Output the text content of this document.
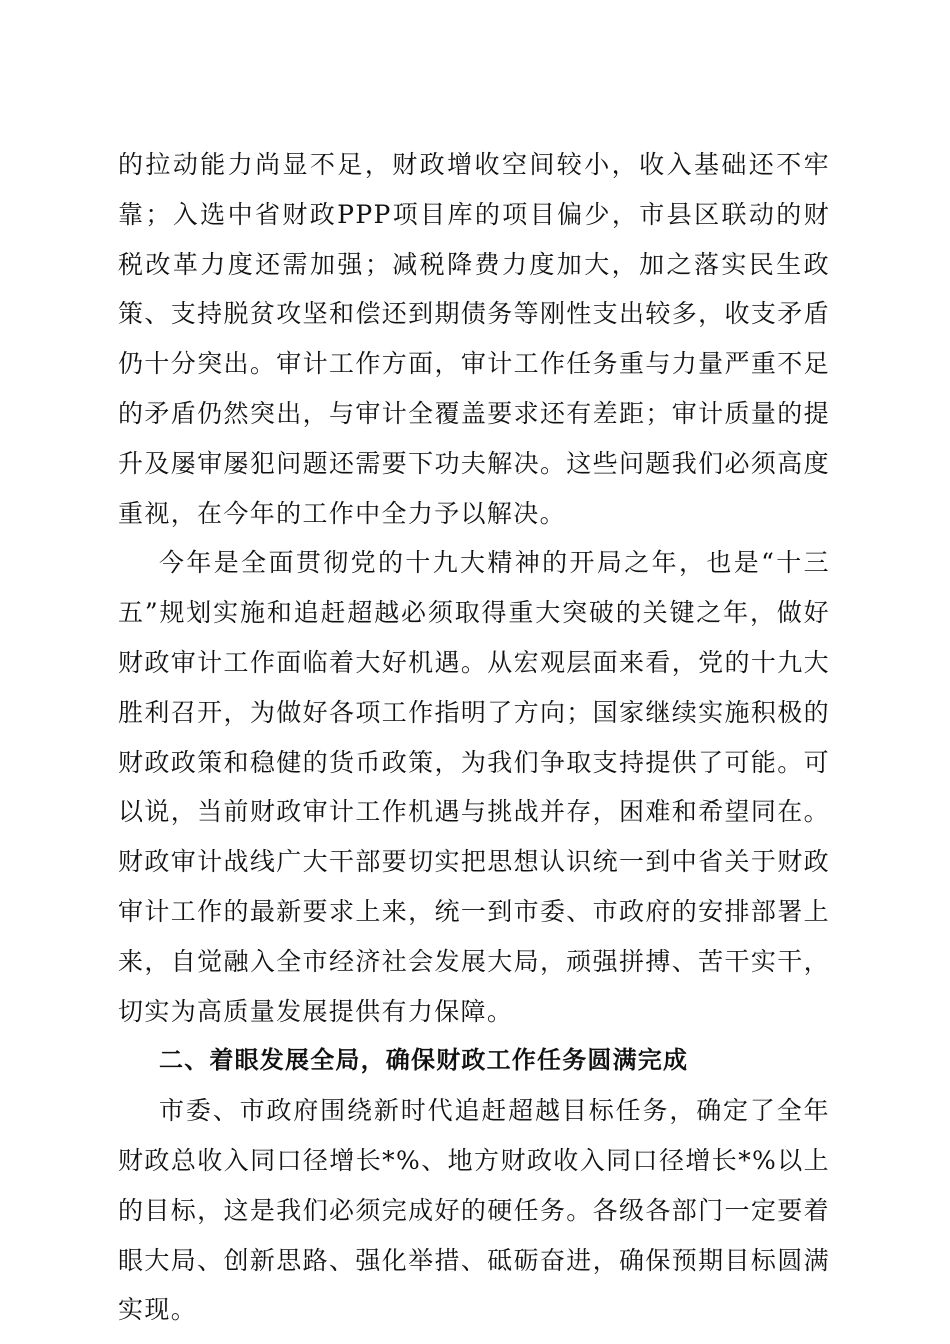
的拉动能力尚显不足，财政增收空间较小，收入基础还不牢靠；入选中省财政PPP项目库的项目偏少，市县区联动的财税改革力度还需加强；减税降费力度加大，加之落实民生政策、支持脱贫攻坚和偿还到期债务等刚性支出较多，收支矛盾仍十分突出。审计工作方面，审计工作任务重与力量严重不足的矛盾仍然突出，与审计全覆盖要求还有差距；审计质量的提升及屡审屡犯问题还需要下功夫解决。这些问题我们必须高度重视，在今年的工作中全力予以解决。

今年是全面贯彻党的十九大精神的开局之年，也是“十三五”规划实施和追赶超越必须取得重大突破的关键之年，做好财政审计工作面临着大好机遇。从宏观层面来看，党的十九大胜利召开，为做好各项工作指明了方向；国家继续实施积极的财政政策和稳健的货币政策，为我们争取支持提供了可能。可以说，当前财政审计工作机遇与挑战并存，困难和希望同在。财政审计战线广大干部要切实把思想认识统一到中省关于财政审计工作的最新要求上来，统一到市委、市政府的安排部署上来，自觉融入全市经济社会发展大局，顽强拼搏、苦干实干，切实为高质量发展提供有力保障。

二、着眼发展全局，确保财政工作任务圆满完成

市委、市政府围绕新时代追赶超越目标任务，确定了全年财政总收入同口径增长*%、地方财政收入同口径增长*%以上的目标，这是我们必须完成好的硬任务。各级各部门一定要着眼大局、创新思路、强化举措、砥砺奋进，确保预期目标圆满实现。
